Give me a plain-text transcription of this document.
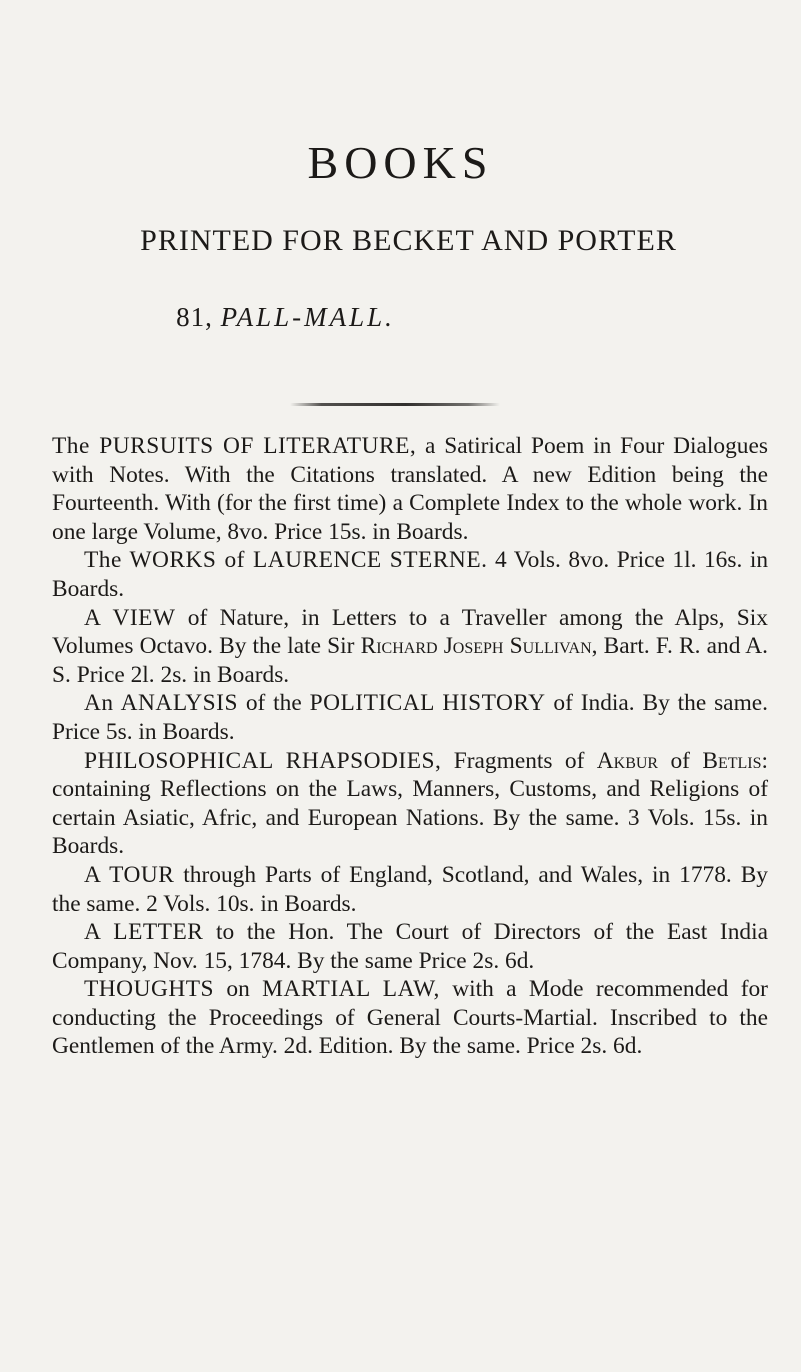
BOOKS
PRINTED FOR BECKET AND PORTER
81, PALL-MALL.

The PURSUITS OF LITERATURE, a Satirical Poem in Four Dialogues with Notes. With the Citations translated. A new Edition being the Fourteenth. With (for the first time) a Complete Index to the whole work. In one large Volume, 8vo. Price 15s. in Boards.

The WORKS of LAURENCE STERNE. 4 Vols. 8vo. Price 1l. 16s. in Boards.

A VIEW of Nature, in Letters to a Traveller among the Alps, Six Volumes Octavo. By the late Sir Richard Joseph Sullivan, Bart. F. R. and A. S. Price 2l. 2s. in Boards.

An ANALYSIS of the POLITICAL HISTORY of India. By the same. Price 5s. in Boards.

PHILOSOPHICAL RHAPSODIES, Fragments of Akbur of Betlis: containing Reflections on the Laws, Manners, Customs, and Religions of certain Asiatic, Afric, and European Nations. By the same. 3 Vols. 15s. in Boards.

A TOUR through Parts of England, Scotland, and Wales, in 1778. By the same. 2 Vols. 10s. in Boards.

A LETTER to the Hon. The Court of Directors of the East India Company, Nov. 15, 1784. By the same Price 2s. 6d.

THOUGHTS on MARTIAL LAW, with a Mode recommended for conducting the Proceedings of General Courts-Martial. Inscribed to the Gentlemen of the Army. 2d. Edition. By the same. Price 2s. 6d.
